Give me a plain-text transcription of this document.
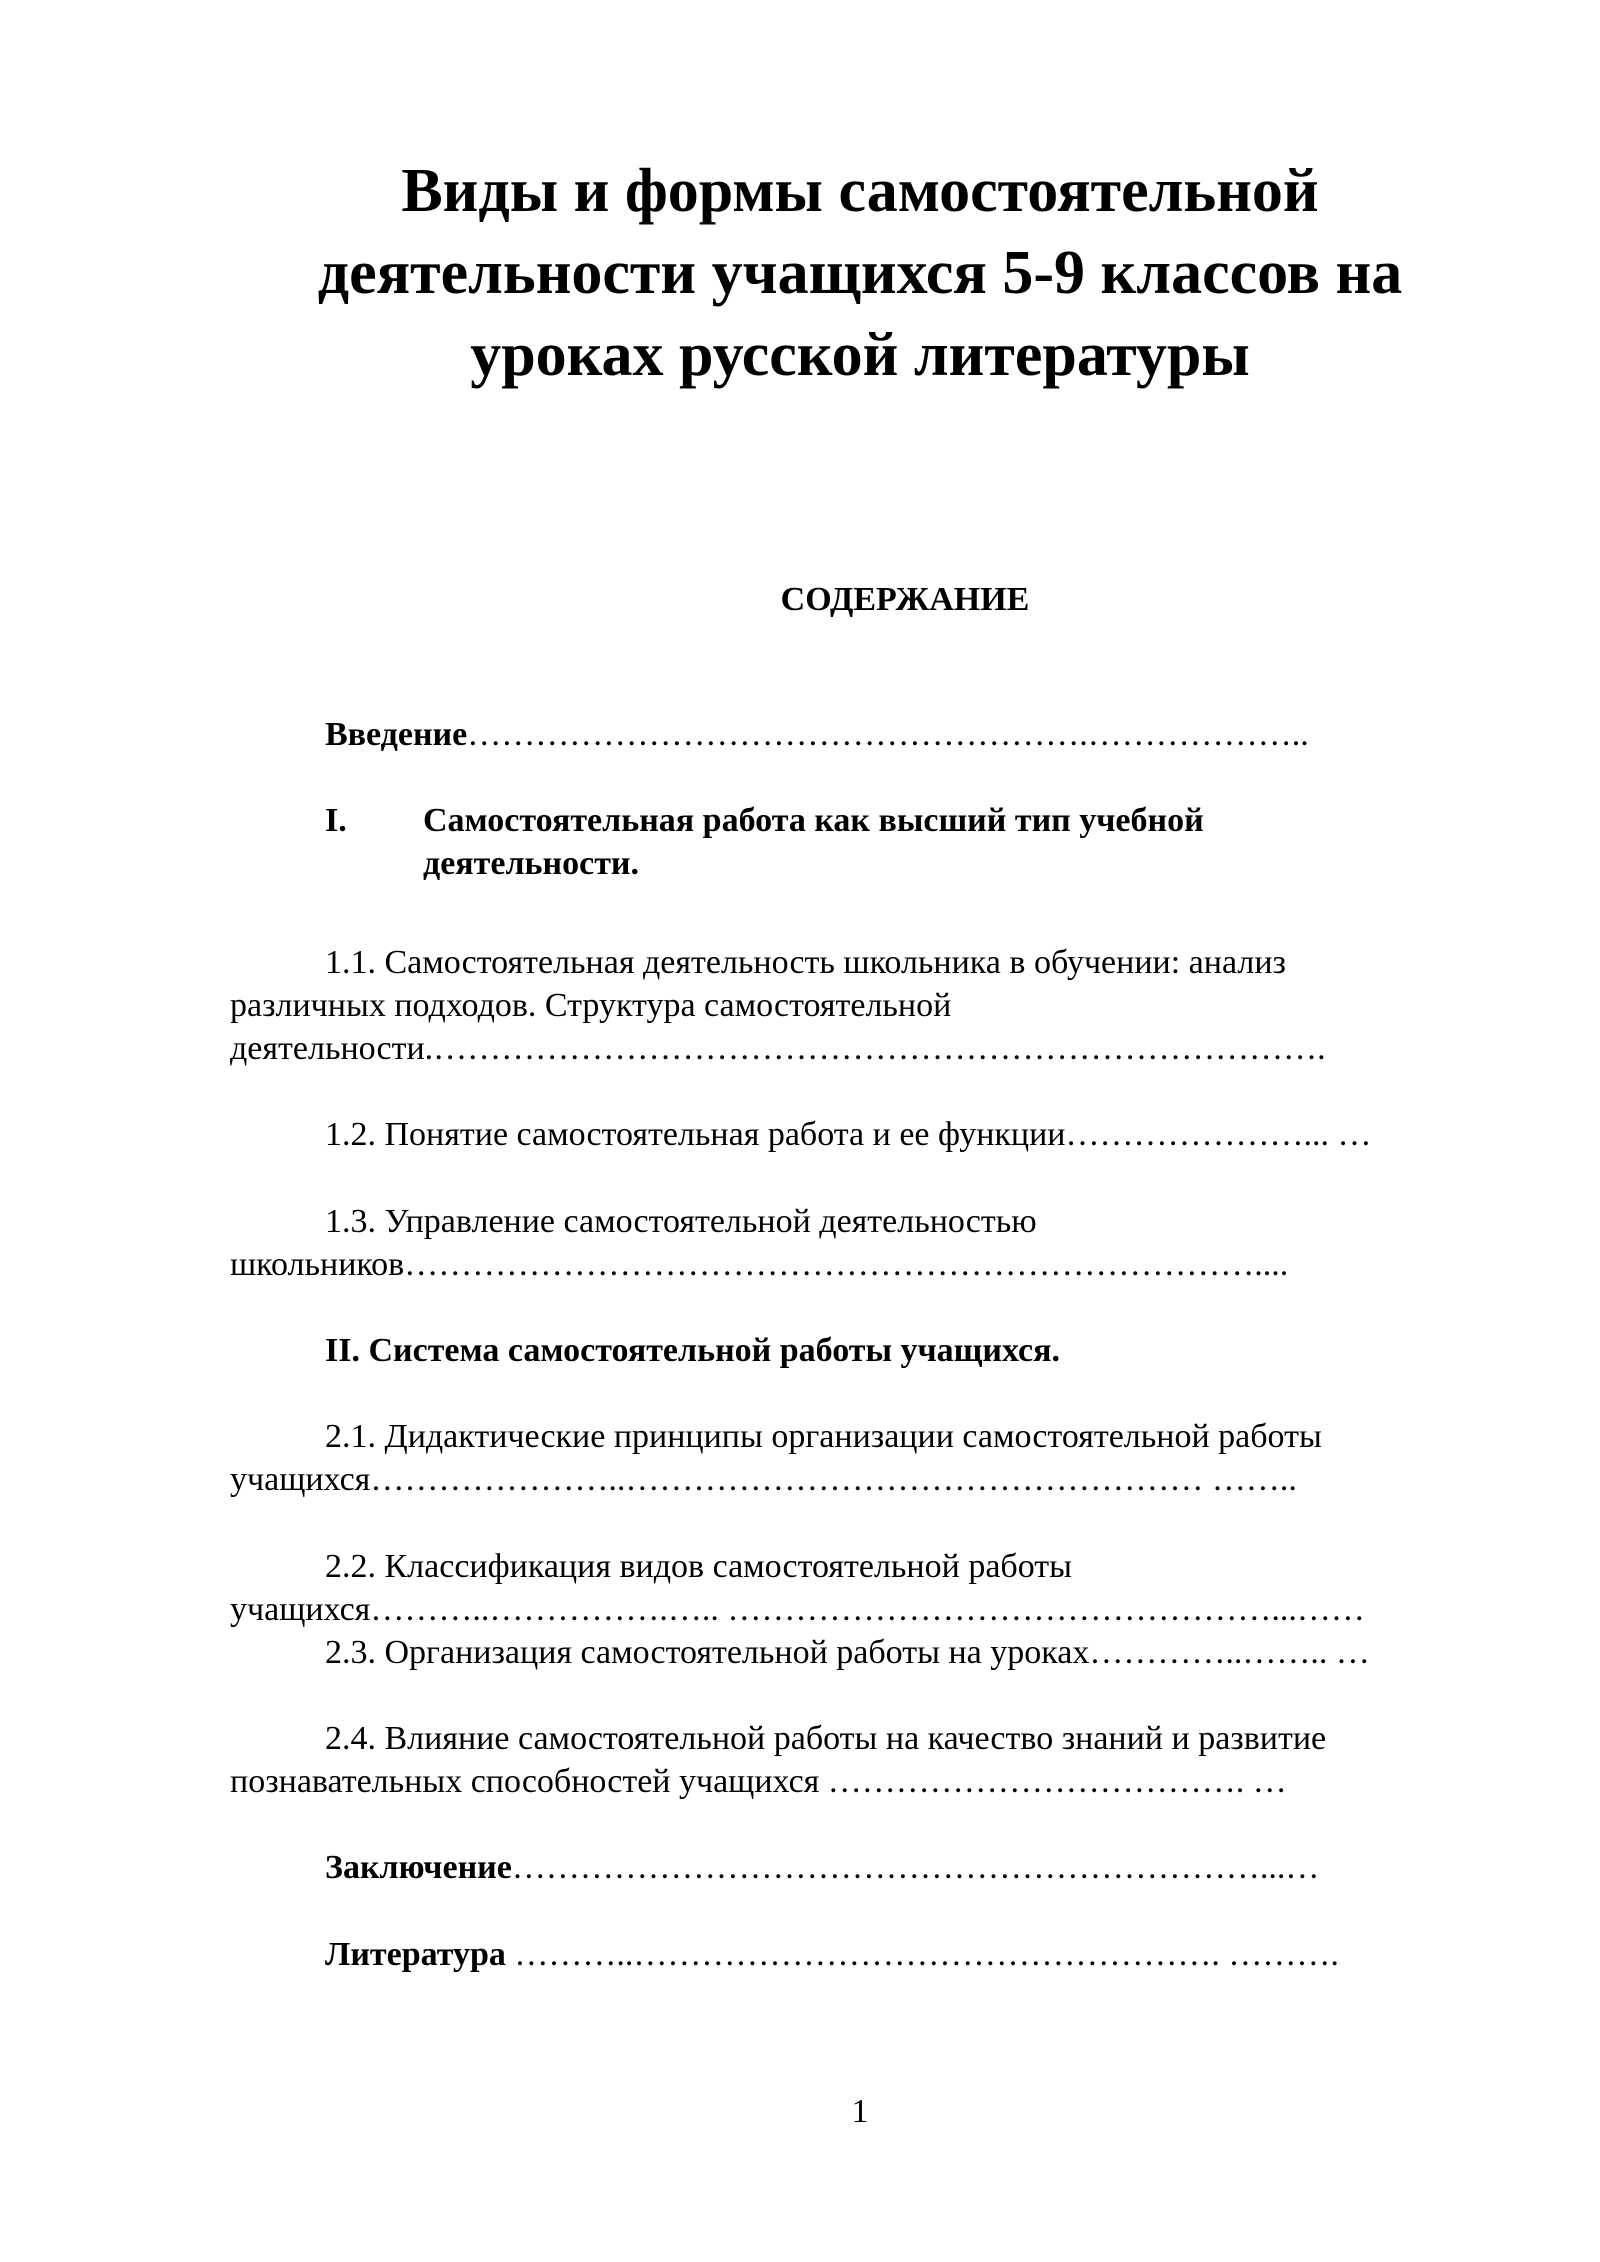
Виды и формы самостоятельной
деятельности учащихся 5-9 классов на
уроках русской литературы
СОДЕРЖАНИЕ
Введение……………………………………………….………………..
I. Самостоятельная работа как высший тип учебной
деятельности.
1.1. Самостоятельная деятельность школьника в обучении: анализ
различных подходов. Структура самостоятельной
деятельности.…………………………………………………………………….
1.2. Понятие самостоятельная работа и ее функции…………………... …
1.3. Управление самостоятельной деятельностью
школьников…………………………………………………………………....
II. Система самостоятельной работы учащихся.
2.1. Дидактические принципы организации самостоятельной работы
учащихся…………………..…………………………………………… ……..
2.2. Классификация видов самостоятельной работы
учащихся………..…………….….. …………………………………………...……
2.3. Организация самостоятельной работы на уроках…………..…….. …
2.4. Влияние самостоятельной работы на качество знаний и развитие
познавательных способностей учащихся ………………………………. …
Заключение…………………………………………………………...…
Литература ………..……………………………………………. ……….
1
